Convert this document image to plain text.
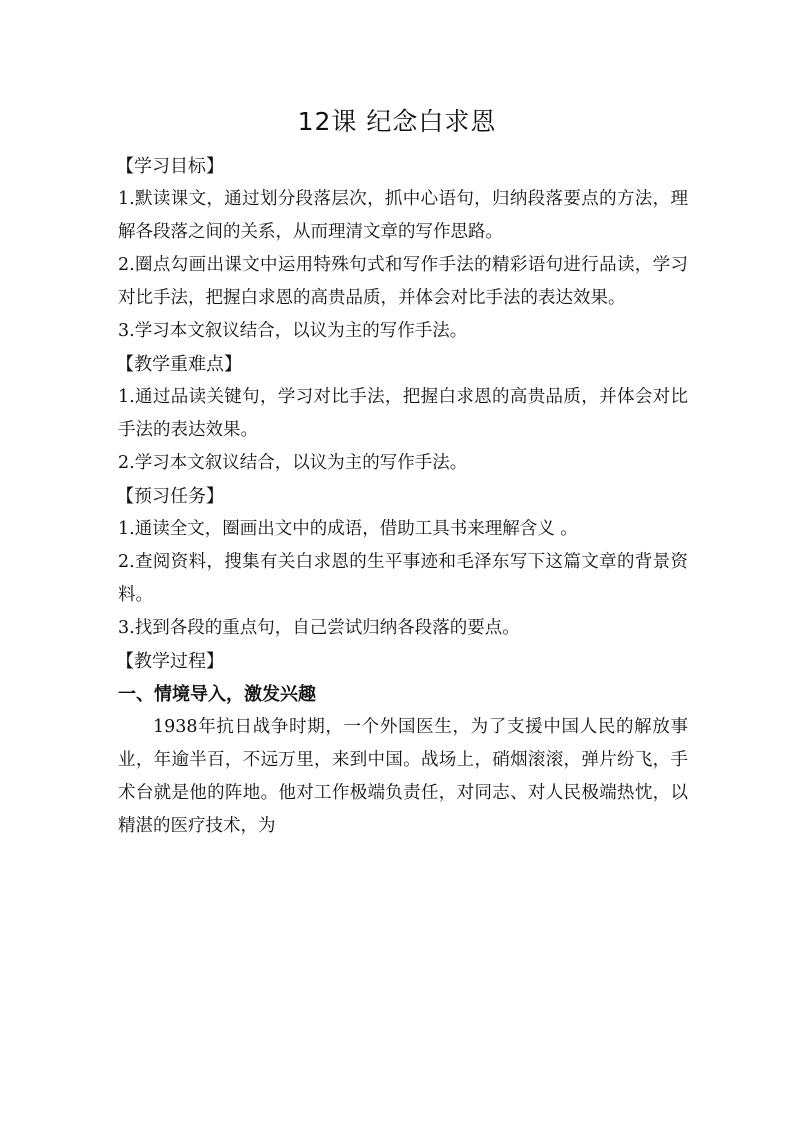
12课 纪念白求恩
【学习目标】

1.默读课文，通过划分段落层次，抓中心语句，归纳段落要点的方法，理解各段落之间的关系，从而理清文章的写作思路。

2.圈点勾画出课文中运用特殊句式和写作手法的精彩语句进行品读，学习对比手法，把握白求恩的高贵品质，并体会对比手法的表达效果。

3.学习本文叙议结合，以议为主的写作手法。

【教学重难点】

1.通过品读关键句，学习对比手法，把握白求恩的高贵品质，并体会对比手法的表达效果。

2.学习本文叙议结合，以议为主的写作手法。

【预习任务】

1.通读全文，圈画出文中的成语，借助工具书来理解含义 。

2.查阅资料，搜集有关白求恩的生平事迹和毛泽东写下这篇文章的背景资料。

3.找到各段的重点句，自己尝试归纳各段落的要点。

【教学过程】
一、情境导入，激发兴趣

1938年抗日战争时期，一个外国医生，为了支援中国人民的解放事业，年逾半百，不远万里，来到中国。战场上，硝烟滚滚，弹片纷飞，手术台就是他的阵地。他对工作极端负责任，对同志、对人民极端热忱，以精湛的医疗技术，为
